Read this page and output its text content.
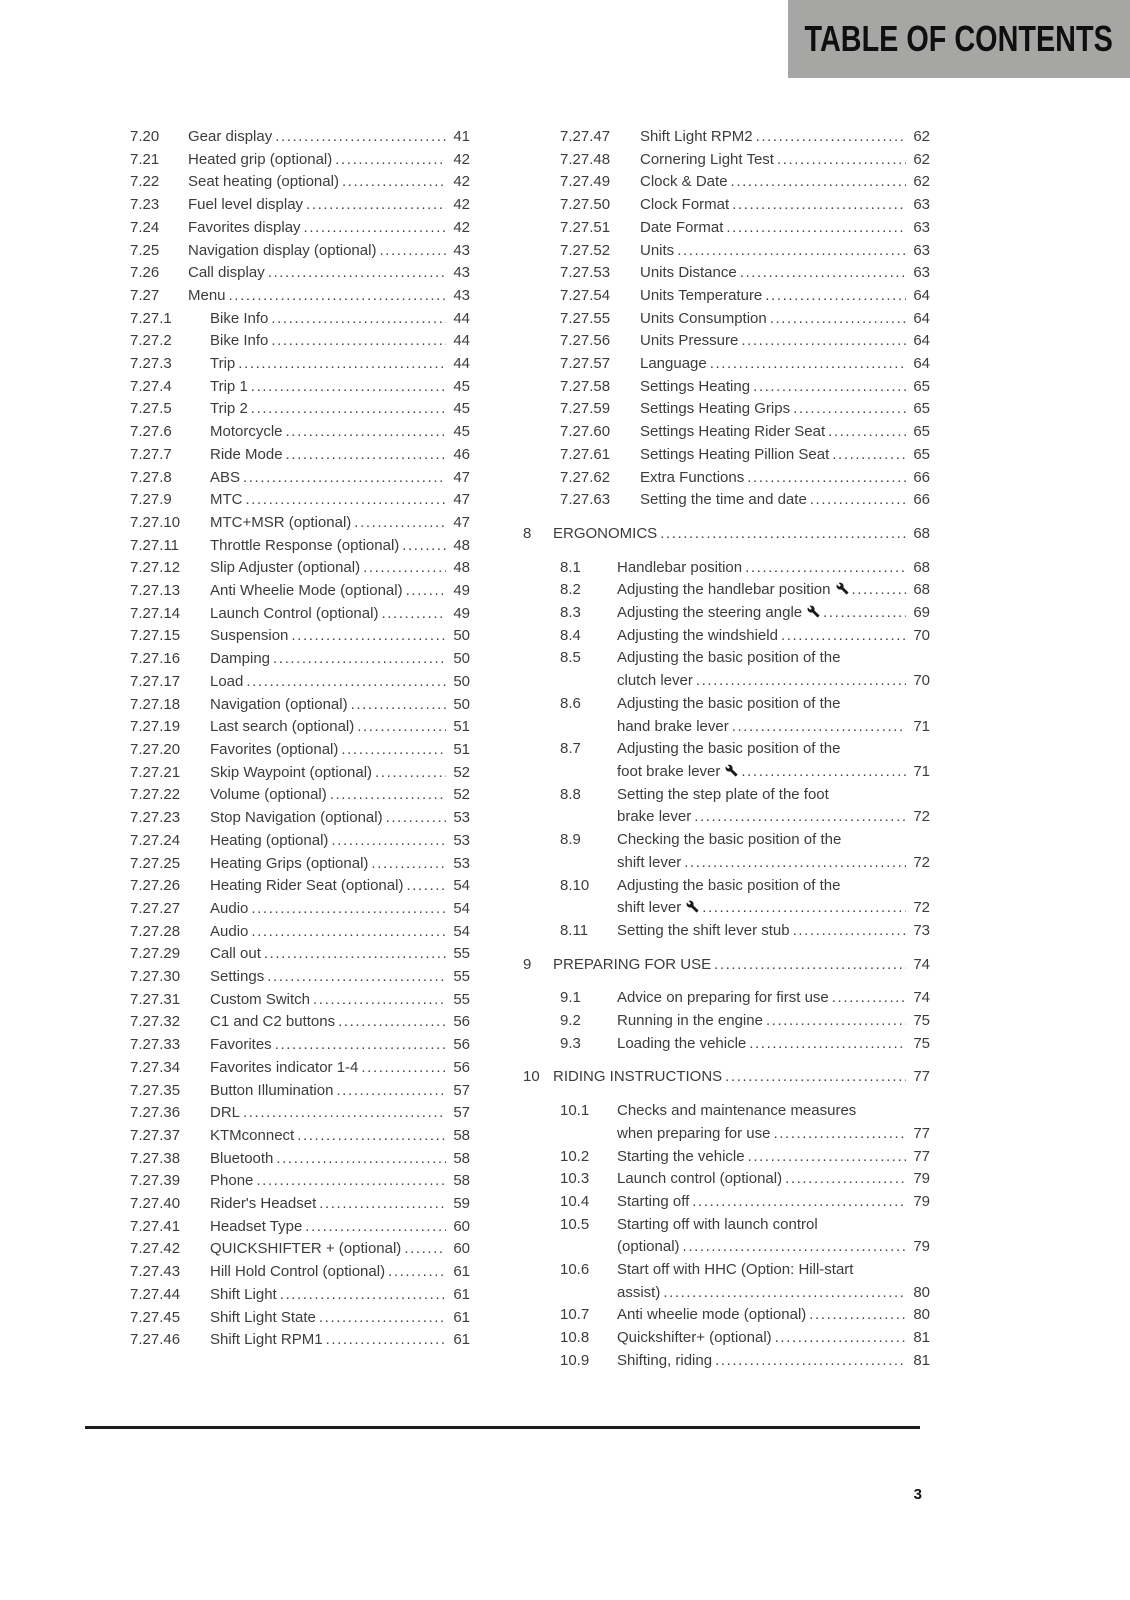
TABLE OF CONTENTS
7.20	Gear display .....	41
7.21	Heated grip (optional) .....	42
7.22	Seat heating (optional) .....	42
7.23	Fuel level display .....	42
7.24	Favorites display .....	42
7.25	Navigation display (optional) .....	43
7.26	Call display .....	43
7.27	Menu .....	43
7.27.1	Bike Info .....	44
7.27.2	Bike Info .....	44
7.27.3	Trip .....	44
7.27.4	Trip 1 .....	45
7.27.5	Trip 2 .....	45
7.27.6	Motorcycle .....	45
7.27.7	Ride Mode .....	46
7.27.8	ABS .....	47
7.27.9	MTC .....	47
7.27.10	MTC+MSR (optional) .....	47
7.27.11	Throttle Response (optional) .....	48
7.27.12	Slip Adjuster (optional) .....	48
7.27.13	Anti Wheelie Mode (optional) .....	49
7.27.14	Launch Control (optional) .....	49
7.27.15	Suspension .....	50
7.27.16	Damping .....	50
7.27.17	Load .....	50
7.27.18	Navigation (optional) .....	50
7.27.19	Last search (optional) .....	51
7.27.20	Favorites (optional) .....	51
7.27.21	Skip Waypoint (optional) .....	52
7.27.22	Volume (optional) .....	52
7.27.23	Stop Navigation (optional) .....	53
7.27.24	Heating (optional) .....	53
7.27.25	Heating Grips (optional) .....	53
7.27.26	Heating Rider Seat (optional) .....	54
7.27.27	Audio .....	54
7.27.28	Audio .....	54
7.27.29	Call out .....	55
7.27.30	Settings .....	55
7.27.31	Custom Switch .....	55
7.27.32	C1 and C2 buttons .....	56
7.27.33	Favorites .....	56
7.27.34	Favorites indicator 1-4 .....	56
7.27.35	Button Illumination .....	57
7.27.36	DRL .....	57
7.27.37	KTMconnect .....	58
7.27.38	Bluetooth .....	58
7.27.39	Phone .....	58
7.27.40	Rider's Headset .....	59
7.27.41	Headset Type .....	60
7.27.42	QUICKSHIFTER + (optional) .....	60
7.27.43	Hill Hold Control (optional) .....	61
7.27.44	Shift Light .....	61
7.27.45	Shift Light State .....	61
7.27.46	Shift Light RPM1 .....	61
7.27.47	Shift Light RPM2 .....	62
7.27.48	Cornering Light Test .....	62
7.27.49	Clock & Date .....	62
7.27.50	Clock Format .....	63
7.27.51	Date Format .....	63
7.27.52	Units .....	63
7.27.53	Units Distance .....	63
7.27.54	Units Temperature .....	64
7.27.55	Units Consumption .....	64
7.27.56	Units Pressure .....	64
7.27.57	Language .....	64
7.27.58	Settings Heating .....	65
7.27.59	Settings Heating Grips .....	65
7.27.60	Settings Heating Rider Seat .....	65
7.27.61	Settings Heating Pillion Seat .....	65
7.27.62	Extra Functions .....	66
7.27.63	Setting the time and date .....	66
8	ERGONOMICS .....	68
8.1	Handlebar position .....	68
8.2	Adjusting the handlebar position .....	68
8.3	Adjusting the steering angle .....	69
8.4	Adjusting the windshield .....	70
8.5	Adjusting the basic position of the
clutch lever .....	70
8.6	Adjusting the basic position of the
hand brake lever .....	71
8.7	Adjusting the basic position of the
foot brake lever .....	71
8.8	Setting the step plate of the foot
brake lever .....	72
8.9	Checking the basic position of the
shift lever .....	72
8.10	Adjusting the basic position of the
shift lever .....	72
8.11	Setting the shift lever stub .....	73
9	PREPARING FOR USE .....	74
9.1	Advice on preparing for first use .....	74
9.2	Running in the engine .....	75
9.3	Loading the vehicle .....	75
10 RIDING INSTRUCTIONS .....	77
10.1	Checks and maintenance measures
when preparing for use .....	77
10.2	Starting the vehicle .....	77
10.3	Launch control (optional) .....	79
10.4	Starting off .....	79
10.5	Starting off with launch control
(optional) .....	79
10.6	Start off with HHC (Option: Hill-start
assist) .....	80
10.7	Anti wheelie mode (optional) .....	80
10.8	Quickshifter+ (optional) .....	81
10.9	Shifting, riding .....	81
3
